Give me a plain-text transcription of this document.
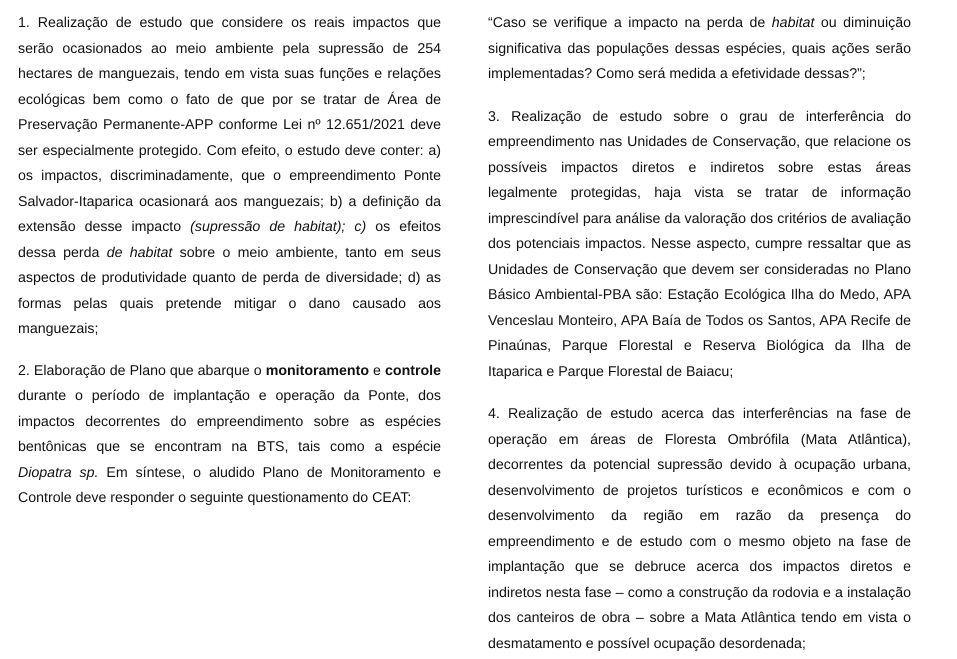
1. Realização de estudo que considere os reais impactos que serão ocasionados ao meio ambiente pela supressão de 254 hectares de manguezais, tendo em vista suas funções e relações ecológicas bem como o fato de que por se tratar de Área de Preservação Permanente-APP conforme Lei nº 12.651/2021 deve ser especialmente protegido. Com efeito, o estudo deve conter: a) os impactos, discriminadamente, que o empreendimento Ponte Salvador-Itaparica ocasionará aos manguezais; b) a definição da extensão desse impacto (supressão de habitat); c) os efeitos dessa perda de habitat sobre o meio ambiente, tanto em seus aspectos de produtividade quanto de perda de diversidade; d) as formas pelas quais pretende mitigar o dano causado aos manguezais;

2. Elaboração de Plano que abarque o monitoramento e controle durante o período de implantação e operação da Ponte, dos impactos decorrentes do empreendimento sobre as espécies bentônicas que se encontram na BTS, tais como a espécie Diopatra sp. Em síntese, o aludido Plano de Monitoramento e Controle deve responder o seguinte questionamento do CEAT:

“Caso se verifique a impacto na perda de habitat ou diminuição significativa das populações dessas espécies, quais ações serão implementadas? Como será medida a efetividade dessas?”;

3. Realização de estudo sobre o grau de interferência do empreendimento nas Unidades de Conservação, que relacione os possíveis impactos diretos e indiretos sobre estas áreas legalmente protegidas, haja vista se tratar de informação imprescindível para análise da valoração dos critérios de avaliação dos potenciais impactos. Nesse aspecto, cumpre ressaltar que as Unidades de Conservação que devem ser consideradas no Plano Básico Ambiental-PBA são: Estação Ecológica Ilha do Medo, APA Venceslau Monteiro, APA Baía de Todos os Santos, APA Recife de Pinaúnas, Parque Florestal e Reserva Biológica da Ilha de Itaparica e Parque Florestal de Baiacu;

4. Realização de estudo acerca das interferências na fase de operação em áreas de Floresta Ombrófila (Mata Atlântica), decorrentes da potencial supressão devido à ocupação urbana, desenvolvimento de projetos turísticos e econômicos e com o desenvolvimento da região em razão da presença do empreendimento e de estudo com o mesmo objeto na fase de implantação que se debruce acerca dos impactos diretos e indiretos nesta fase – como a construção da rodovia e a instalação dos canteiros de obra – sobre a Mata Atlântica tendo em vista o desmatamento e possível ocupação desordenada;
